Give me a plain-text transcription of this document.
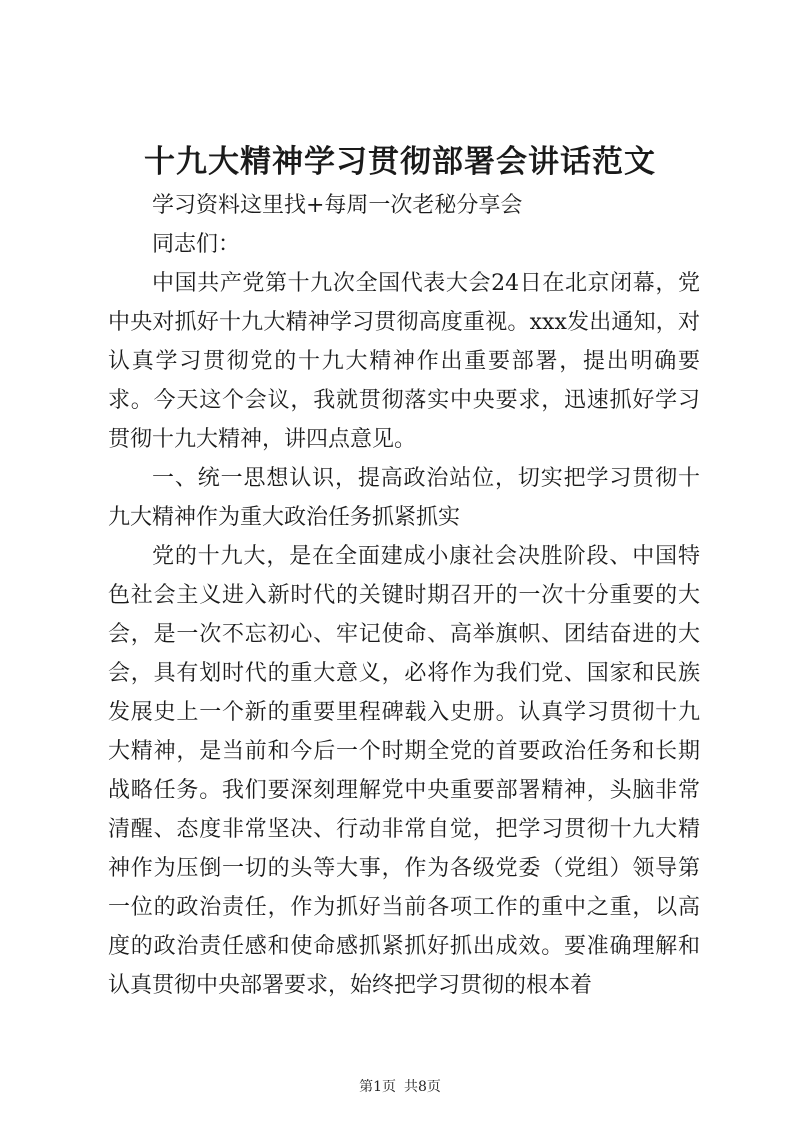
十九大精神学习贯彻部署会讲话范文

学习资料这里找+每周一次老秘分享会

同志们：

中国共产党第十九次全国代表大会24日在北京闭幕，党中央对抓好十九大精神学习贯彻高度重视。xxx发出通知，对认真学习贯彻党的十九大精神作出重要部署，提出明确要求。今天这个会议，我就贯彻落实中央要求，迅速抓好学习贯彻十九大精神，讲四点意见。

一、统一思想认识，提高政治站位，切实把学习贯彻十九大精神作为重大政治任务抓紧抓实

党的十九大，是在全面建成小康社会决胜阶段、中国特色社会主义进入新时代的关键时期召开的一次十分重要的大会，是一次不忘初心、牢记使命、高举旗帜、团结奋进的大会，具有划时代的重大意义，必将作为我们党、国家和民族发展史上一个新的重要里程碑载入史册。认真学习贯彻十九大精神，是当前和今后一个时期全党的首要政治任务和长期战略任务。我们要深刻理解党中央重要部署精神，头脑非常清醒、态度非常坚决、行动非常自觉，把学习贯彻十九大精神作为压倒一切的头等大事，作为各级党委（党组）领导第一位的政治责任，作为抓好当前各项工作的重中之重，以高度的政治责任感和使命感抓紧抓好抓出成效。要准确理解和认真贯彻中央部署要求，始终把学习贯彻的根本着

第1页 共8页
